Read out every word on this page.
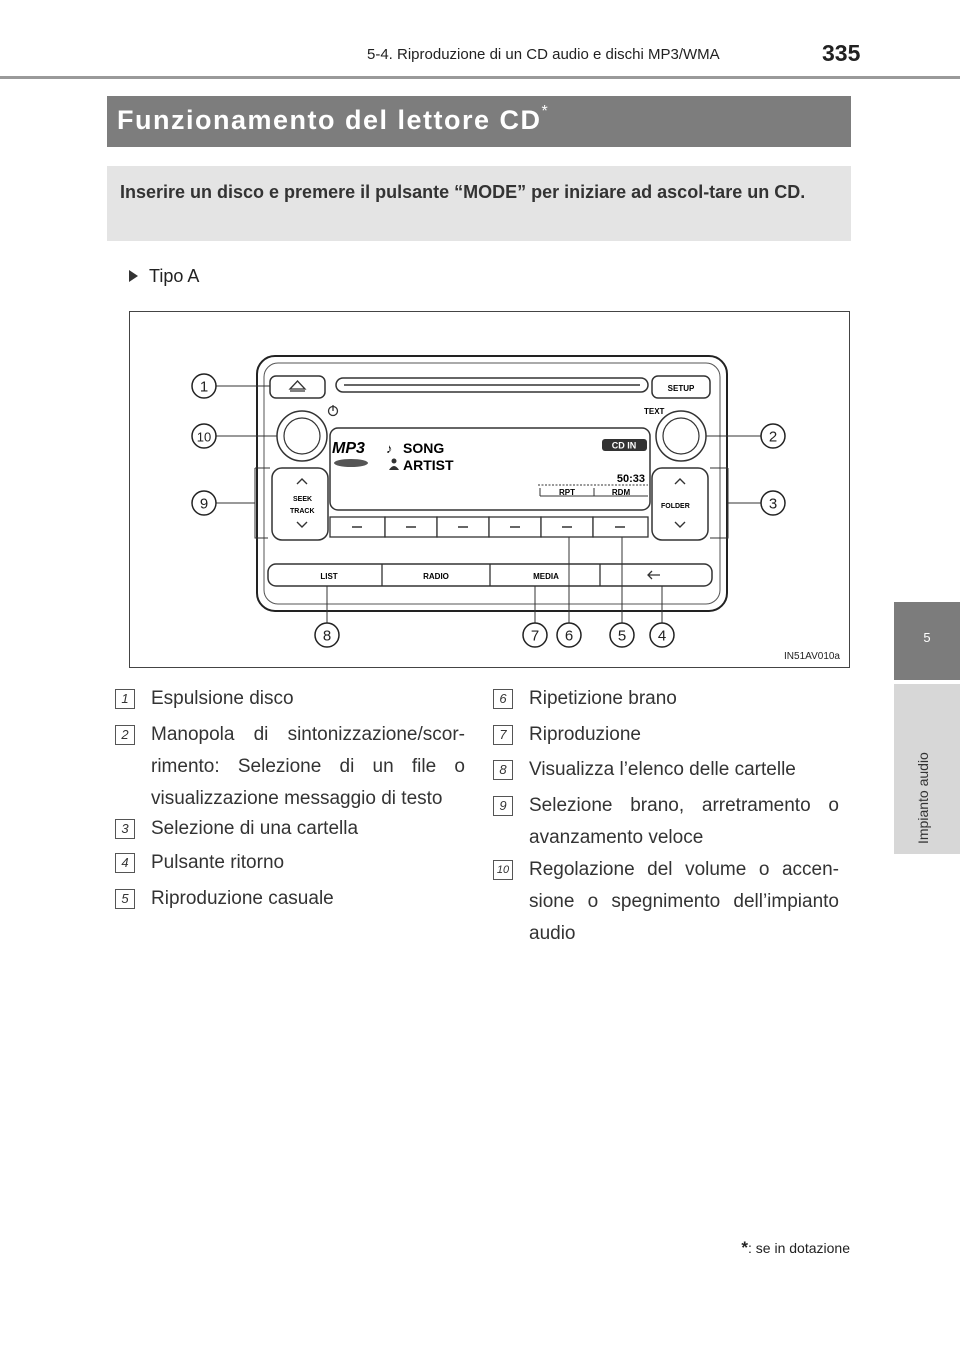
5-4. Riproduzione di un CD audio e dischi MP3/WMA	335
5
Impianto audio
Funzionamento del lettore CD*

Inserire un disco e premere il pulsante “MODE” per iniziare ad ascol-tare un CD.

Tipo A
SETUP
TEXT
MP3 ♪ SONG
ARTIST
CD IN
50:33
RPT	RDM
SEEK
TRACK
FOLDER
LIST	RADIO	MEDIA
1
2
3
4
5
6
7
8
9
10
IN51AV010a
1	Espulsione disco
2	Manopola di sintonizzazione/scor-rimento: Selezione di un file o visualizzazione messaggio di testo
3	Selezione di una cartella
4	Pulsante ritorno
5	Riproduzione casuale
6	Ripetizione brano
7	Riproduzione
8	Visualizza l’elenco delle cartelle
9	Selezione brano, arretramento o avanzamento veloce
10 Regolazione del volume o accen-sione o spegnimento dell’impianto audio
*: se in dotazione
